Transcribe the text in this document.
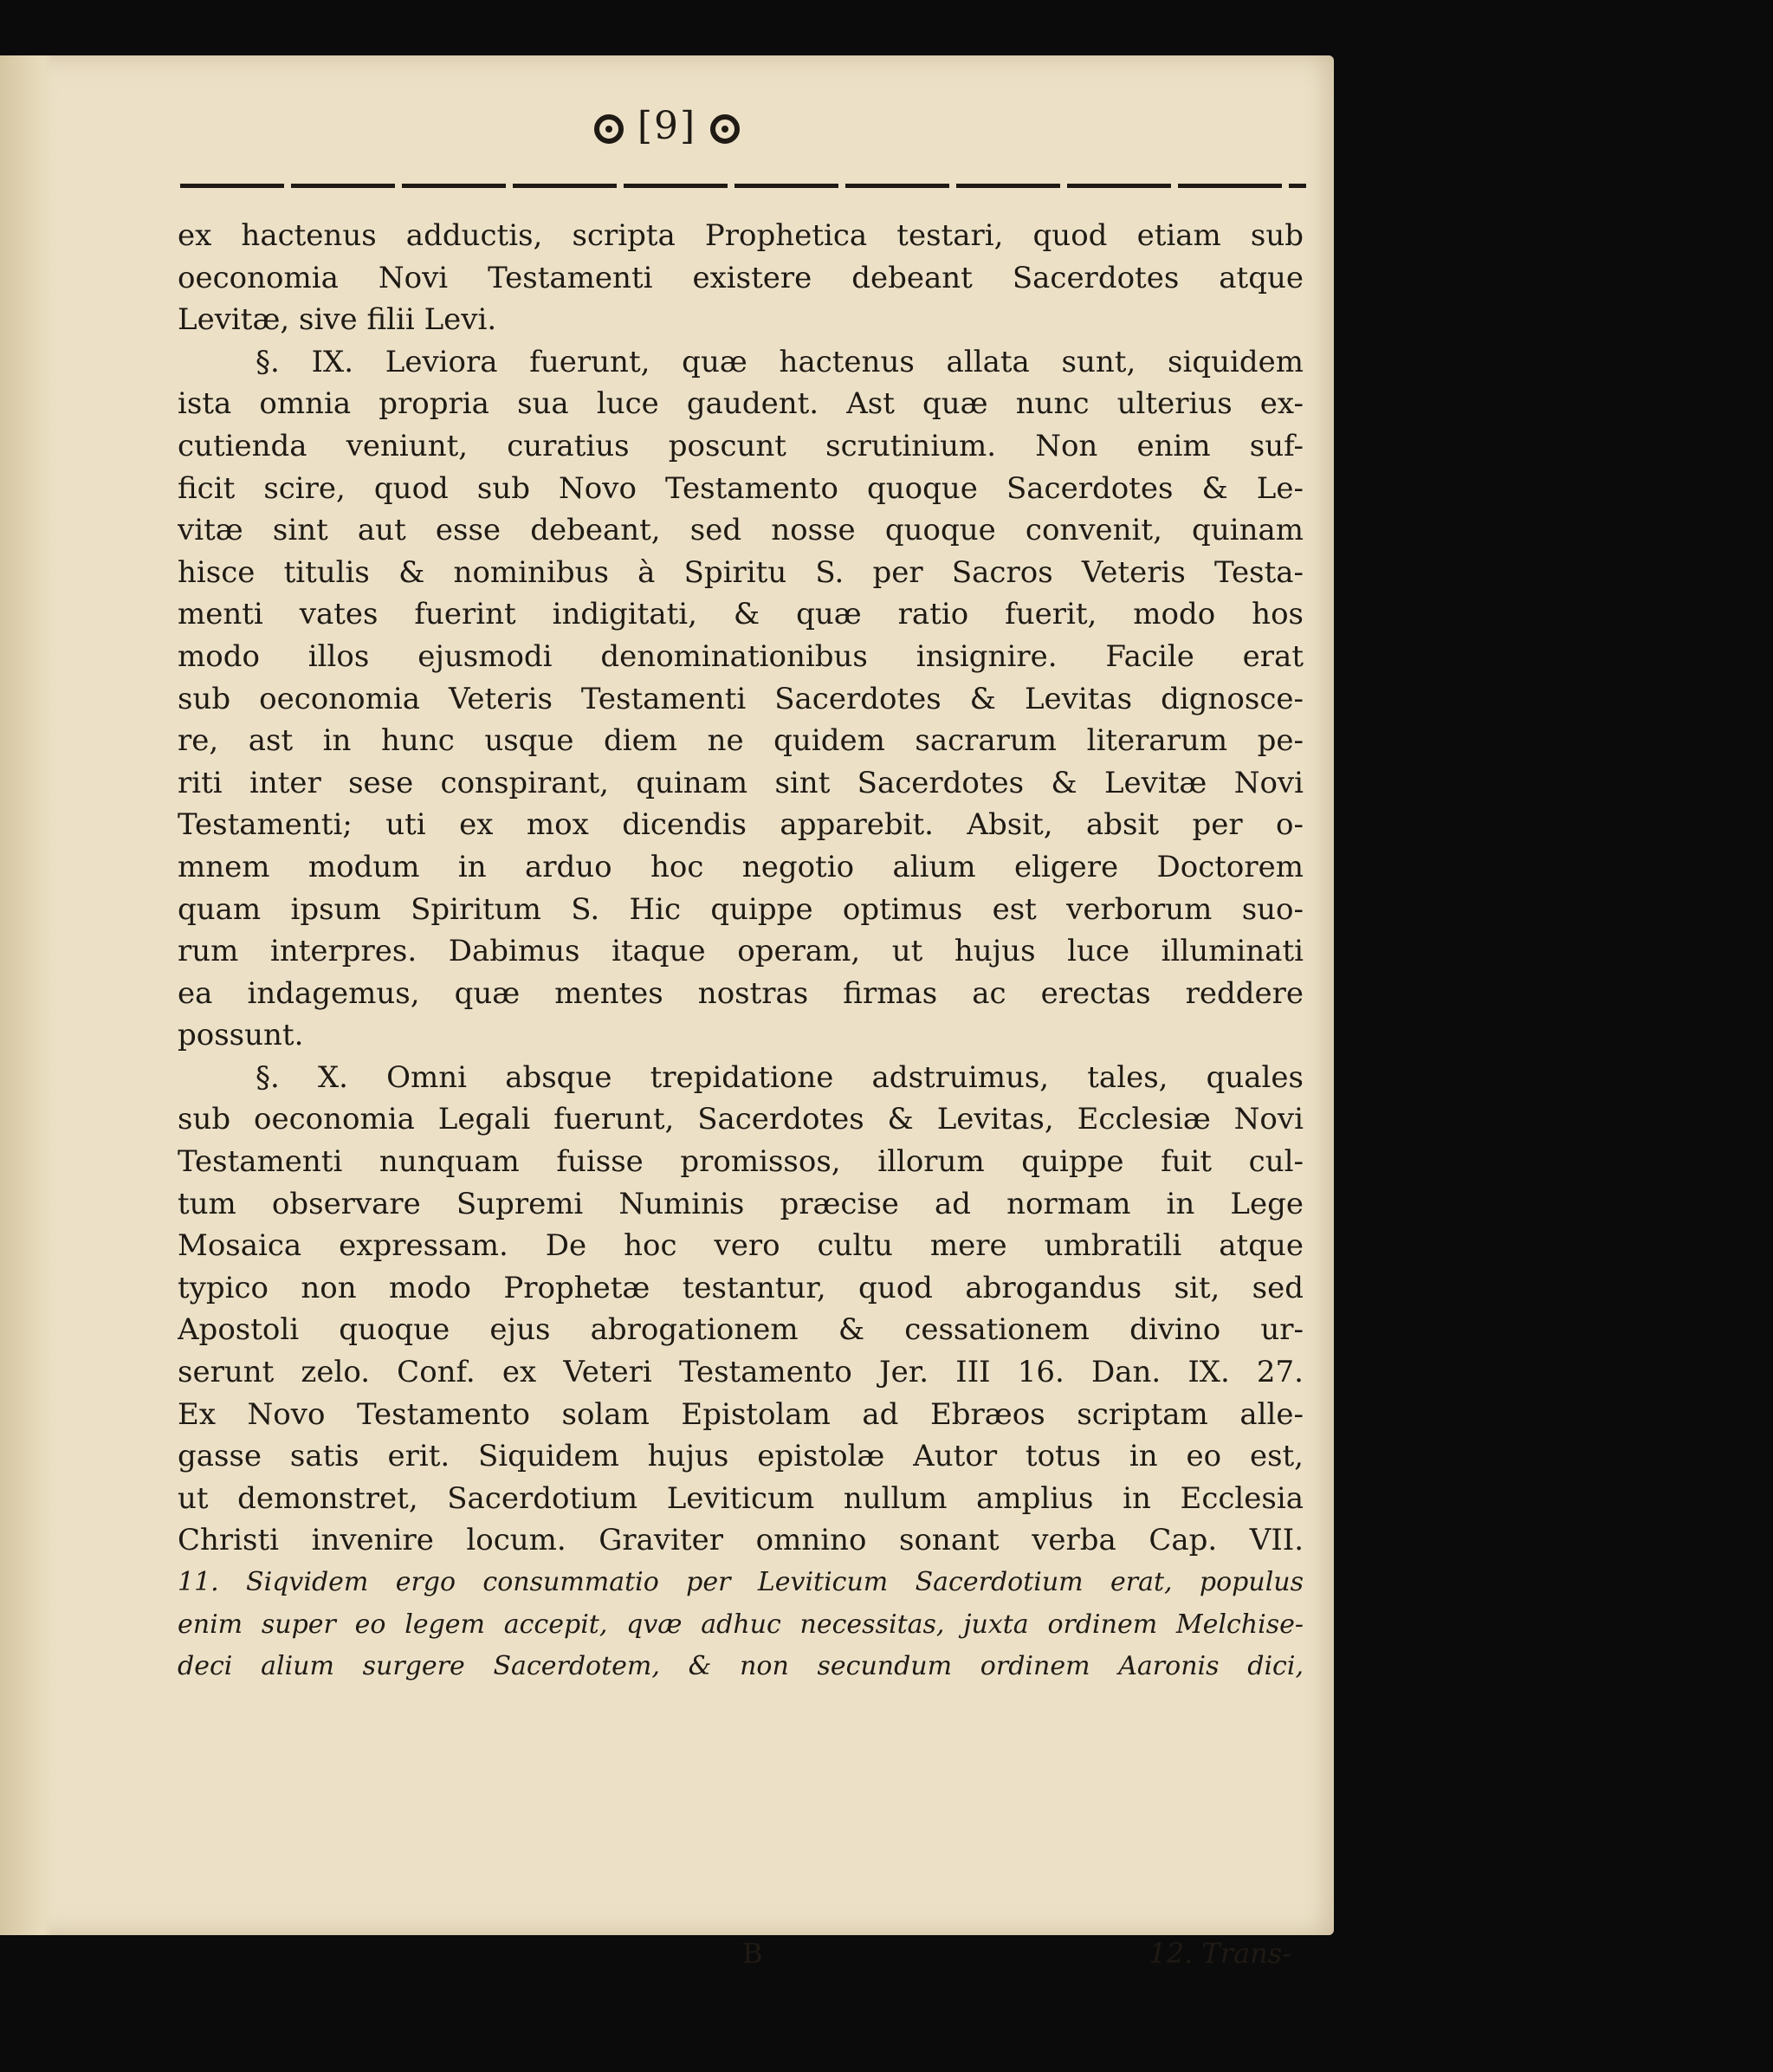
[9]
ex hactenus adductis, scripta Prophetica testari, quod etiam sub
oeconomia Novi Testamenti existere debeant Sacerdotes atque
Levitæ, sive filii Levi.
§. IX. Leviora fuerunt, quæ hactenus allata sunt, siquidem
ista omnia propria sua luce gaudent. Ast quæ nunc ulterius ex-
cutienda veniunt, curatius poscunt scrutinium. Non enim suf-
ficit scire, quod sub Novo Testamento quoque Sacerdotes & Le-
vitæ sint aut esse debeant, sed nosse quoque convenit, quinam
hisce titulis & nominibus à Spiritu S. per Sacros Veteris Testa-
menti vates fuerint indigitati, & quæ ratio fuerit, modo hos
modo illos ejusmodi denominationibus insignire. Facile erat
sub oeconomia Veteris Testamenti Sacerdotes & Levitas dignosce-
re, ast in hunc usque diem ne quidem sacrarum literarum pe-
riti inter sese conspirant, quinam sint Sacerdotes & Levitæ Novi
Testamenti; uti ex mox dicendis apparebit. Absit, absit per o-
mnem modum in arduo hoc negotio alium eligere Doctorem
quam ipsum Spiritum S. Hic quippe optimus est verborum suo-
rum interpres. Dabimus itaque operam, ut hujus luce illuminati
ea indagemus, quæ mentes nostras firmas ac erectas reddere
possunt.
§. X. Omni absque trepidatione adstruimus, tales, quales
sub oeconomia Legali fuerunt, Sacerdotes & Levitas, Ecclesiæ Novi
Testamenti nunquam fuisse promissos, illorum quippe fuit cul-
tum observare Supremi Numinis præcise ad normam in Lege
Mosaica expressam. De hoc vero cultu mere umbratili atque
typico non modo Prophetæ testantur, quod abrogandus sit, sed
Apostoli quoque ejus abrogationem & cessationem divino ur-
serunt zelo. Conf. ex Veteri Testamento Jer. III 16. Dan. IX. 27.
Ex Novo Testamento solam Epistolam ad Ebræos scriptam alle-
gasse satis erit. Siquidem hujus epistolæ Autor totus in eo est,
ut demonstret, Sacerdotium Leviticum nullum amplius in Ecclesia
Christi invenire locum. Graviter omnino sonant verba Cap. VII.
11. Siqvidem ergo consummatio per Leviticum Sacerdotium erat, populus
enim super eo legem accepit, qvæ adhuc necessitas, juxta ordinem Melchise-
deci alium surgere Sacerdotem, & non secundum ordinem Aaronis dici,
B	12. Trans-
